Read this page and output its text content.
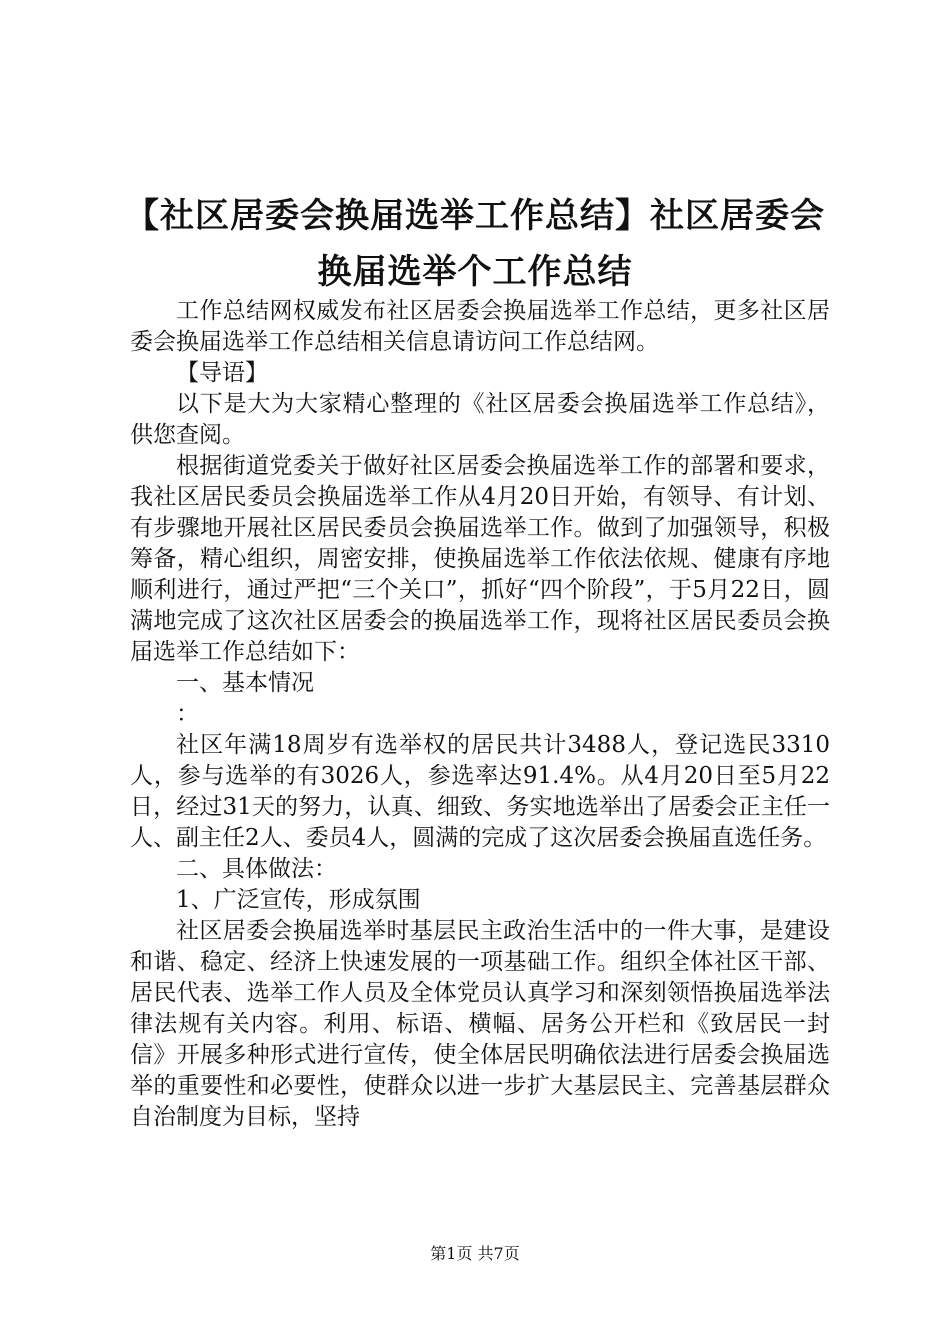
【社区居委会换届选举工作总结】社区居委会
换届选举个工作总结

工作总结网权威发布社区居委会换届选举工作总结，更多社区居委会换届选举工作总结相关信息请访问工作总结网。

【导语】

以下是大为大家精心整理的《社区居委会换届选举工作总结》，供您查阅。

根据街道党委关于做好社区居委会换届选举工作的部署和要求，我社区居民委员会换届选举工作从4月20日开始，有领导、有计划、有步骤地开展社区居民委员会换届选举工作。做到了加强领导，积极筹备，精心组织，周密安排，使换届选举工作依法依规、健康有序地顺利进行，通过严把“三个关口”，抓好“四个阶段”，于5月22日，圆满地完成了这次社区居委会的换届选举工作，现将社区居民委员会换届选举工作总结如下：

一、基本情况

：

社区年满18周岁有选举权的居民共计3488人，登记选民3310人，参与选举的有3026人，参选率达91.4%。从4月20日至5月22日，经过31天的努力，认真、细致、务实地选举出了居委会正主任一人、副主任2人、委员4人，圆满的完成了这次居委会换届直选任务。

二、具体做法：

1、广泛宣传，形成氛围

社区居委会换届选举时基层民主政治生活中的一件大事，是建设和谐、稳定、经济上快速发展的一项基础工作。组织全体社区干部、居民代表、选举工作人员及全体党员认真学习和深刻领悟换届选举法律法规有关内容。利用、标语、横幅、居务公开栏和《致居民一封信》开展多种形式进行宣传，使全体居民明确依法进行居委会换届选举的重要性和必要性，使群众以进一步扩大基层民主、完善基层群众自治制度为目标，坚持

第1页 共7页
